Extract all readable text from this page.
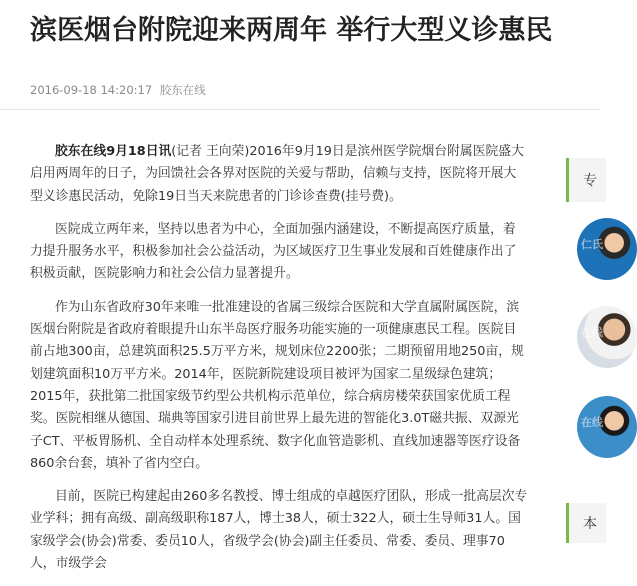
滨医烟台附院迎来两周年 举行大型义诊惠民
2016-09-18 14:20:17 胶东在线

胶东在线9月18日讯(记者 王向荣)2016年9月19日是滨州医学院烟台附属医院盛大启用两周年的日子，为回馈社会各界对医院的关爱与帮助，信赖与支持，医院将开展大型义诊惠民活动，免除19日当天来院患者的门诊诊查费(挂号费)。

医院成立两年来，坚持以患者为中心，全面加强内涵建设，不断提高医疗质量，着力提升服务水平，积极参加社会公益活动，为区域医疗卫生事业发展和百姓健康作出了积极贡献，医院影响力和社会公信力显著提升。

作为山东省政府30年来唯一批准建设的省属三级综合医院和大学直属附属医院，滨医烟台附院是省政府着眼提升山东半岛医疗服务功能实施的一项健康惠民工程。医院目前占地300亩，总建筑面积25.5万平方米，规划床位2200张；二期预留用地250亩，规划建筑面积10万平方米。2014年，医院新院建设项目被评为国家二星级绿色建筑；2015年，获批第二批国家级节约型公共机构示范单位，综合病房楼荣获国家优质工程奖。医院相继从德国、瑞典等国家引进目前世界上最先进的智能化3.0T磁共振、双源光子CT、平板胃肠机、全自动样本处理系统、数字化血管造影机、直线加速器等医疗设备860余台套，填补了省内空白。

目前，医院已构建起由260多名教授、博士组成的卓越医疗团队，形成一批高层次专业学科；拥有高级、副高级职称187人，博士38人，硕士322人，硕士生导师31人。国家级学会(协会)常委、委员10人，省级学会(协会)副主任委员、常委、委员、理事70人，市级学会

专
仁氏
在线
在线
本
